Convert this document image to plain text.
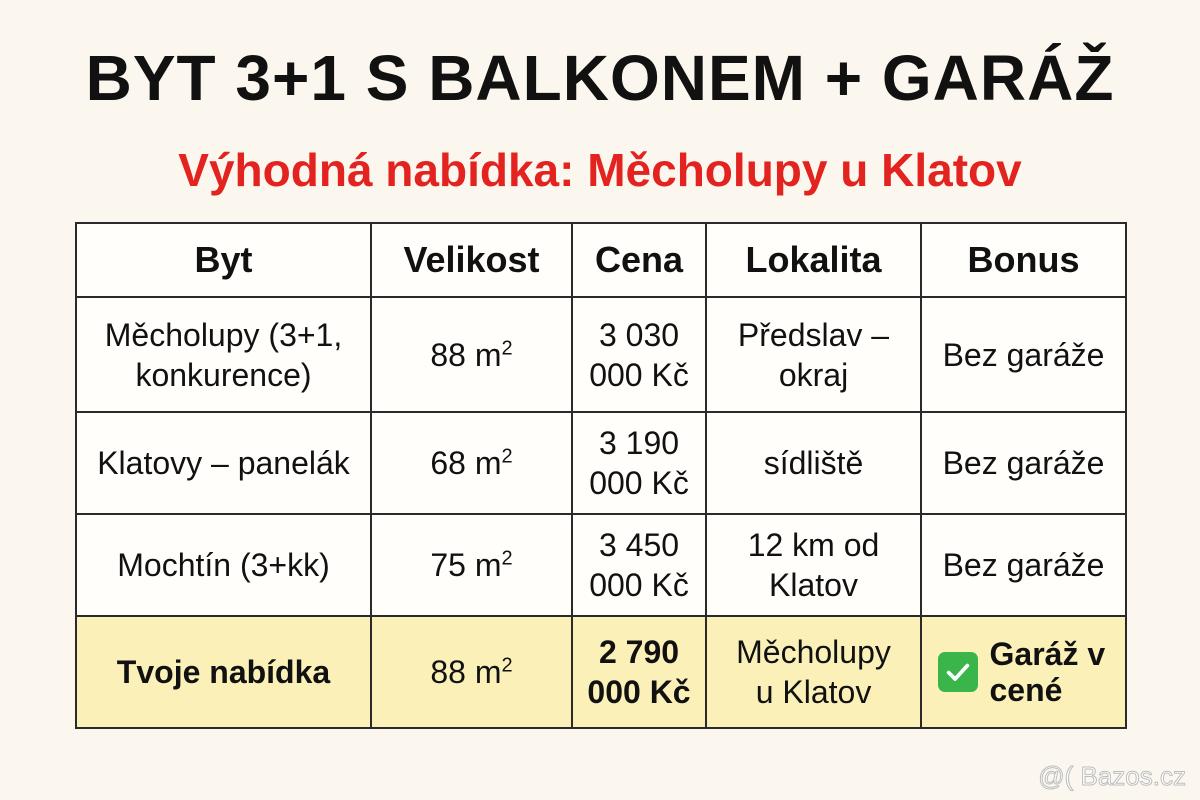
BYT 3+1 S BALKONEM + GARÁŽ
Výhodná nabídka: Měcholupy u Klatov
Byt	Velikost	Cena	Lokalita	Bonus
Měcholupy (3+1, konkurence)	88 $m^2$	3 030 000 Kč	Předslav – okraj	Bez garáže
Klatovy – panelák	68 $m^2$	3 190 000 Kč	sídliště	Bez garáže
Mochtín (3+kk)	75 $m^2$	3 450 000 Kč	12 km od Klatov	Bez garáže
Tvoje nabídka	88 $m^2$	2 790 000 Kč	Měcholupy u Klatov	Garáž v cené
@( Bazos.cz
